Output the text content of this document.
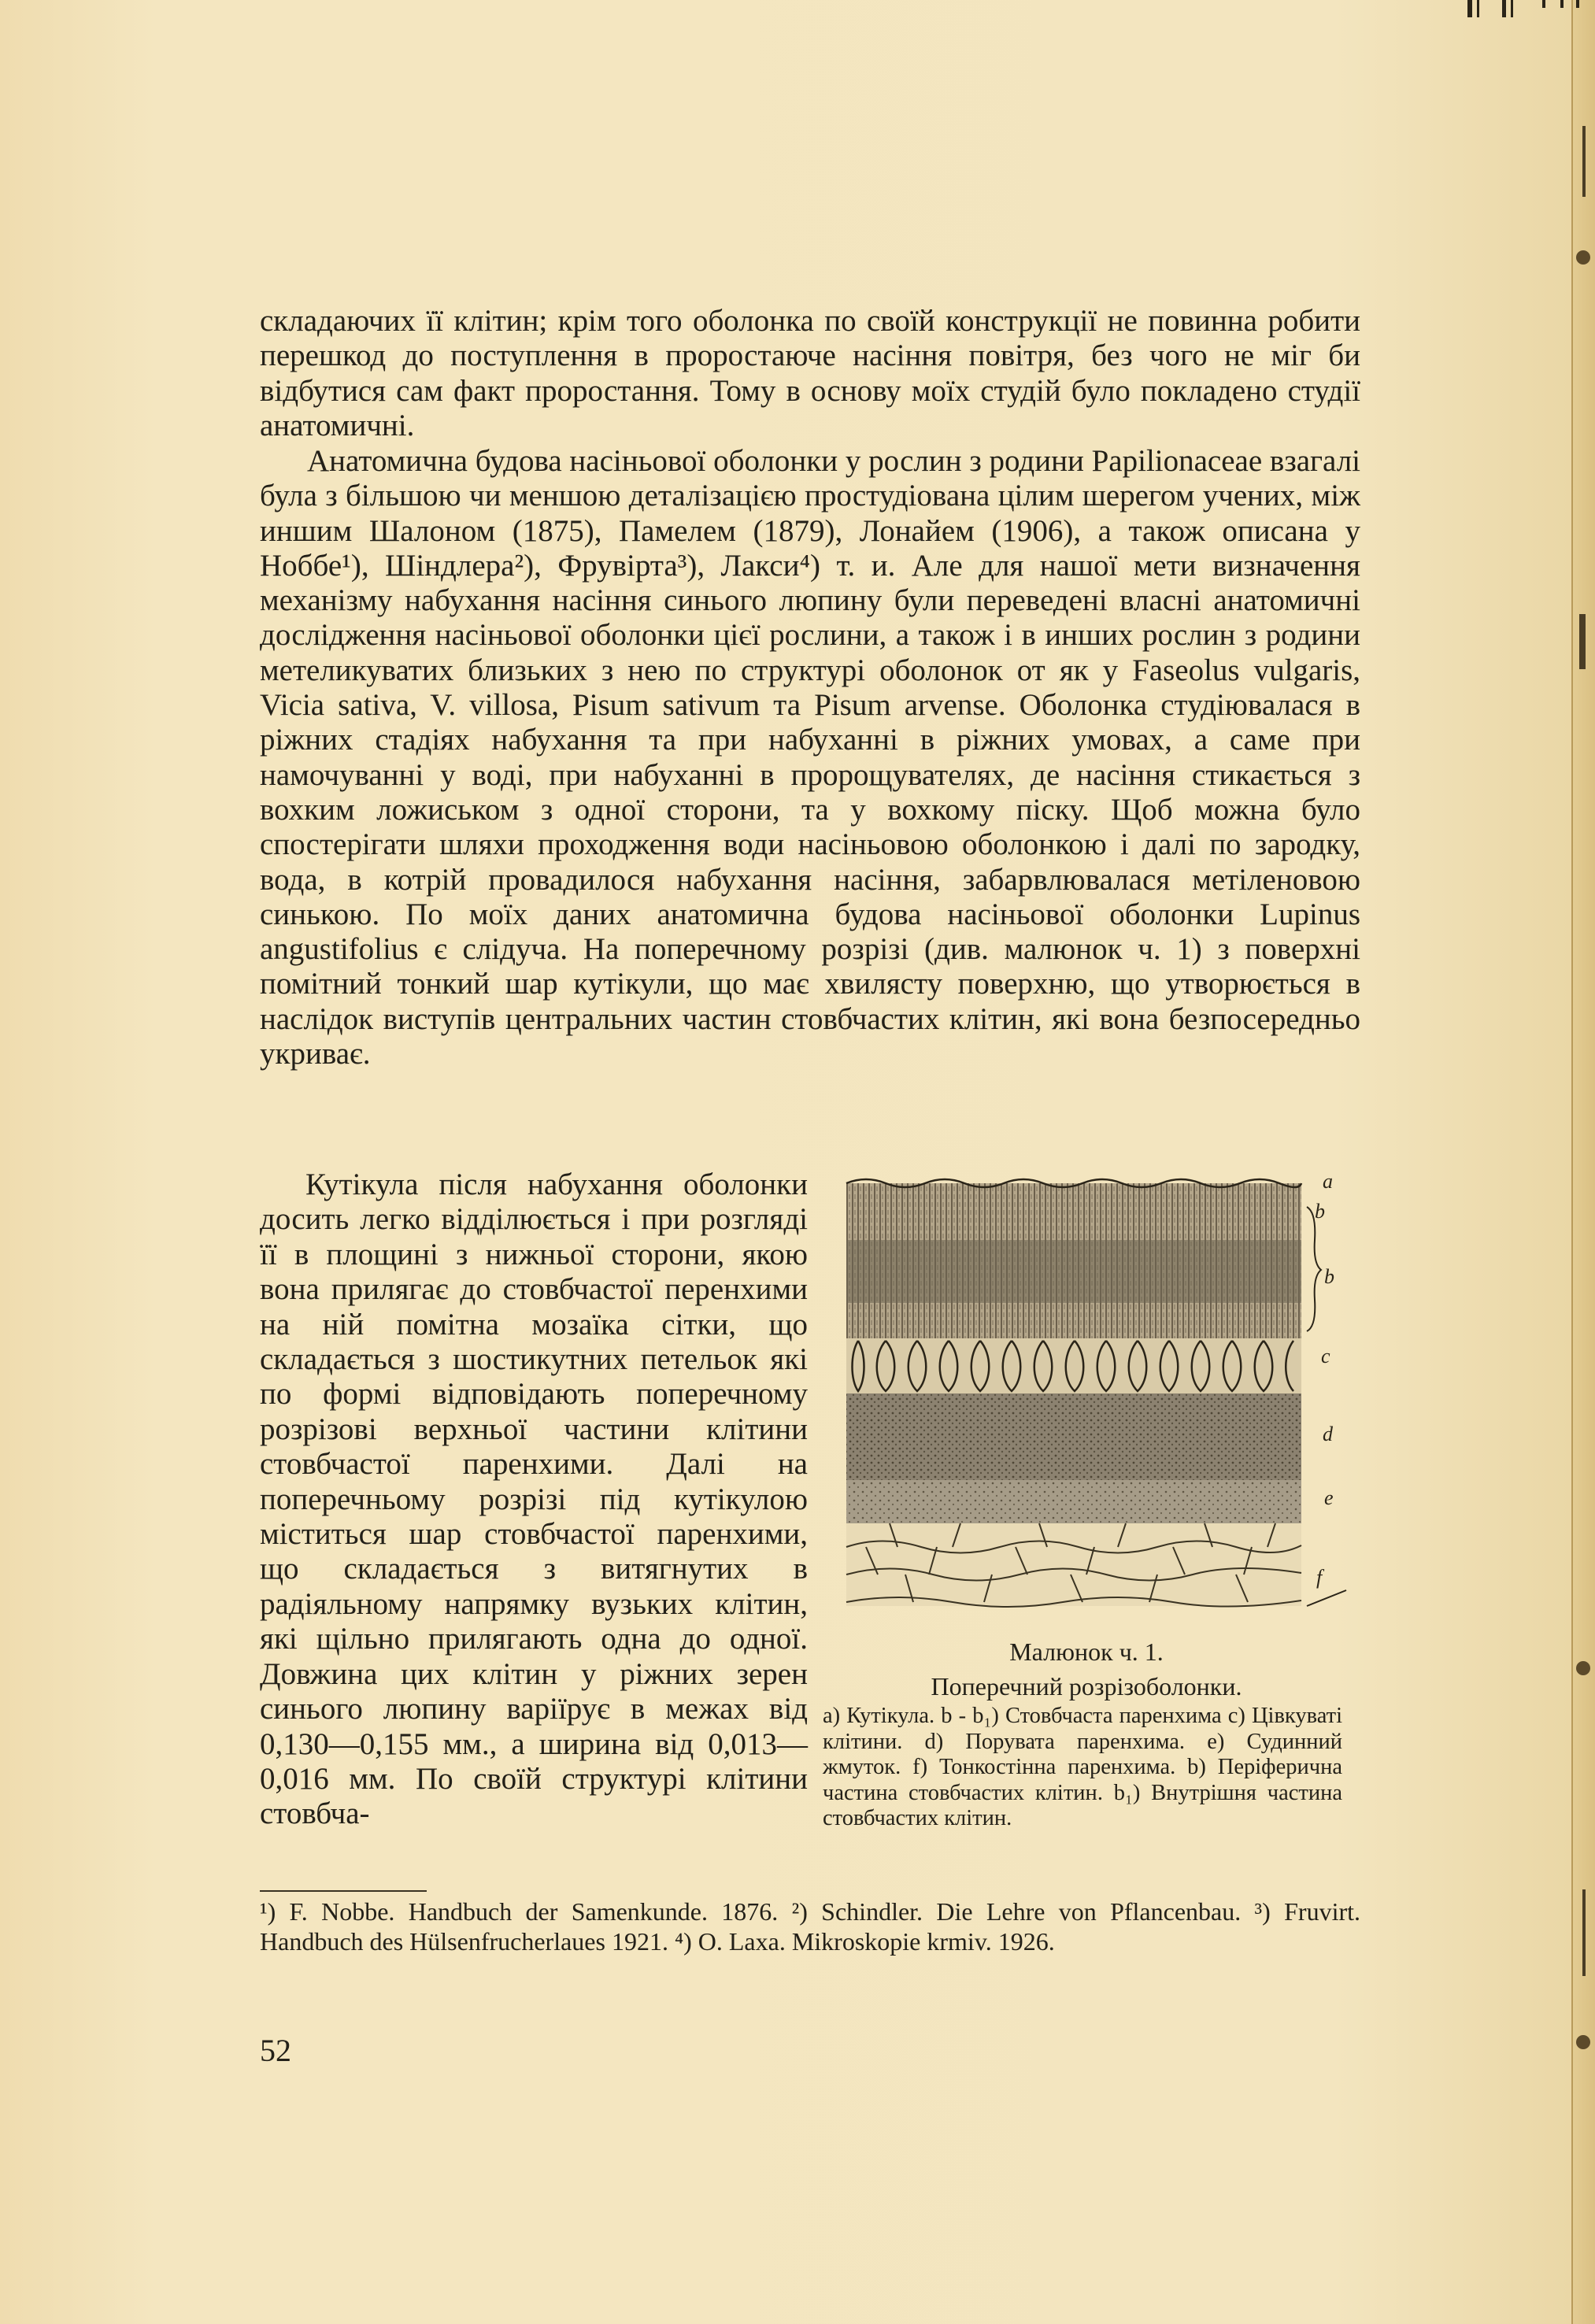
складаючих її клітин; крім того оболонка по своїй конструкції не повинна робити перешкод до поступлення в проростаюче насіння повітря, без чого не міг би відбутися сам факт проростання. Тому в основу моїх студій було покладено студії анатомичні.

Анатомична будова насіньової оболонки у рослин з родини Papilionaceae взагалі була з більшою чи меншою деталізацією простудіована цілим шерегом учених, між иншим Шалоном (1875), Памелем (1879), Лонайем (1906), а також описана у Ноббе¹), Шіндлера²), Фрувірта³), Лакси⁴) т. и. Але для нашої мети визначення механізму набухання насіння синього люпину були переведені власні анатомичні дослідження насіньової оболонки цієї рослини, а також і в инших рослин з родини метеликуватих близьких з нею по структурі оболонок от як у Faseolus vulgaris, Vicia sativa, V. villosa, Pisum sativum та Pisum arvense. Оболонка студіювалася в ріжних стадіях набухання та при набуханні в ріжних умовах, а саме при намочуванні у воді, при набуханні в пророщувателях, де насіння стикається з вохким ложиськом з одної сторони, та у вохкому піску. Щоб можна було спостерігати шляхи проходження води насіньовою оболонкою і далі по зародку, вода, в котрій провадилося набухання насіння, забарвлювалася метіленовою синькою. По моїх даних анатомична будова насіньової оболонки Lupinus angustifolius є слідуча. На поперечному розрізі (див. малюнок ч. 1) з поверхні помітний тонкий шар кутікули, що має хвилясту поверхню, що утворюється в наслідок виступів центральних частин стовбчастих клітин, які вона безпосередньо укриває.

Кутікула після набухання оболонки досить легко відділюється і при розгляді її в площині з нижньої сторони, якою вона прилягає до стовбчастої перенхими на ній помітна мозаїка сітки, що складається з шостикутних петельок які по формі відповідають поперечному розрізові верхньої частини клітини стовбчастої паренхими. Далі на поперечньому розрізі під кутікулою міститься шар стовбчастої паренхими, що складається з витягнутих в радіяльному напрямку вузьких клітин, які щільно прилягають одна до одної. Довжина цих клітин у ріжних зерен синього люпину варіїрує в межах від 0,130—0,155 мм., а ширина від 0,013—0,016 мм. По своїй структурі клітини стовбча-

a
b
b
c
d
e
f
Малюнок ч. 1.
Поперечний розрізоболонки.

a) Кутікула. b - b₁) Стовбчаста паренхима c) Цівкуваті клітини. d) Порувата паренхима. e) Судинний жмуток. f) Тонкостінна паренхима. b) Періферична частина стовбчастих клітин. b₁) Внутрішня частина стовбчастих клітин.

¹) F. Nobbe. Handbuch der Samenkunde. 1876. ²) Schindler. Die Lehre von Pflancenbau. ³) Fruvirt. Handbuch des Hülsenfrucherlaues 1921. ⁴) O. Laxa. Mikroskopie krmiv. 1926.

52
